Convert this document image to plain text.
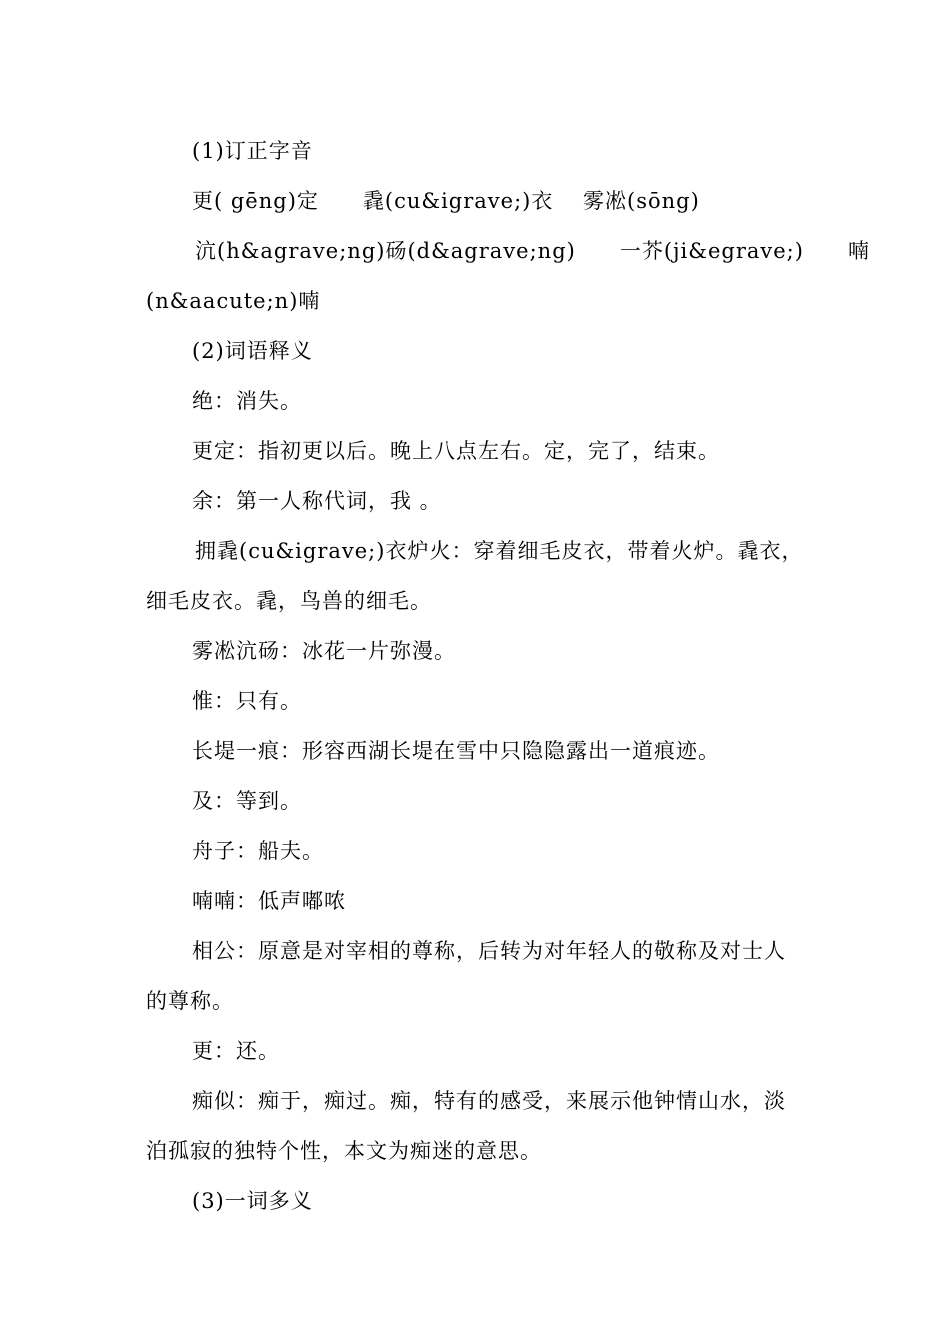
(1)订正字音
更( gēng)定　　毳(cu&igrave;)衣　 雾凇(sōng)
沆(h&agrave;ng)砀(d&agrave;ng)　　一芥(ji&egrave;)　　喃
(n&aacute;n)喃
(2)词语释义
绝：消失。
更定：指初更以后。晚上八点左右。定，完了，结束。
余：第一人称代词，我 。
拥毳(cu&igrave;)衣炉火：穿着细毛皮衣，带着火炉。毳衣，
细毛皮衣。毳，鸟兽的细毛。
雾凇沆砀：冰花一片弥漫。
惟：只有。
长堤一痕：形容西湖长堤在雪中只隐隐露出一道痕迹。
及：等到。
舟子：船夫。
喃喃：低声嘟哝
相公：原意是对宰相的尊称，后转为对年轻人的敬称及对士人
的尊称。
更：还。
痴似：痴于，痴过。痴，特有的感受，来展示他钟情山水，淡
泊孤寂的独特个性，本文为痴迷的意思。
(3)一词多义
